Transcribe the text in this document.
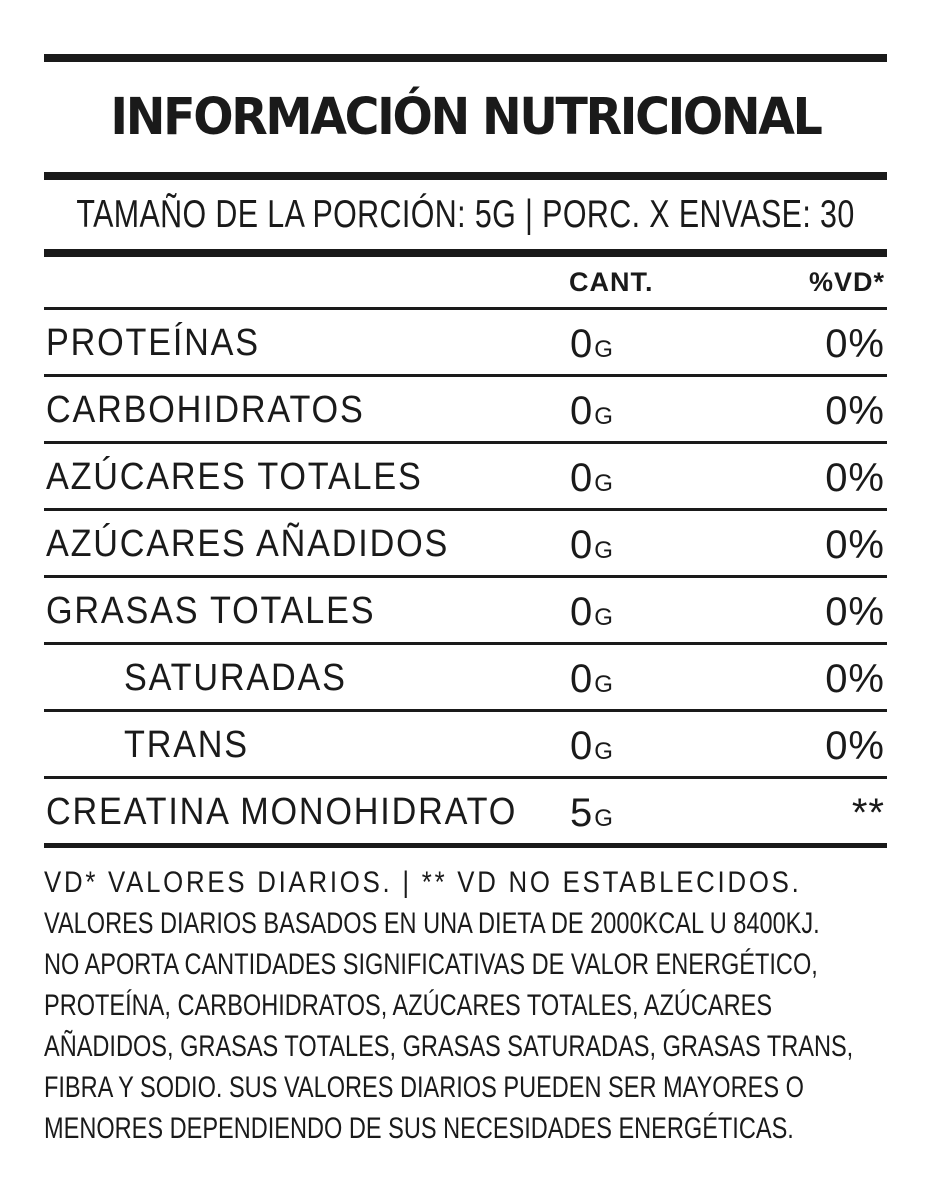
INFORMACIÓN NUTRICIONAL
TAMAÑO DE LA PORCIÓN: 5G | PORC. X ENVASE: 30
CANT.	%VD*
PROTEÍNAS	0G	0%
CARBOHIDRATOS	0G	0%
AZÚCARES TOTALES	0G	0%
AZÚCARES AÑADIDOS	0G	0%
GRASAS TOTALES	0G	0%
SATURADAS	0G	0%
TRANS	0G	0%
CREATINA MONOHIDRATO 5G	**
VD* VALORES DIARIOS. | ** VD NO ESTABLECIDOS.
VALORES DIARIOS BASADOS EN UNA DIETA DE 2000KCAL U 8400KJ.
NO APORTA CANTIDADES SIGNIFICATIVAS DE VALOR ENERGÉTICO,
PROTEÍNA, CARBOHIDRATOS, AZÚCARES TOTALES, AZÚCARES
AÑADIDOS, GRASAS TOTALES, GRASAS SATURADAS, GRASAS TRANS,
FIBRA Y SODIO. SUS VALORES DIARIOS PUEDEN SER MAYORES O
MENORES DEPENDIENDO DE SUS NECESIDADES ENERGÉTICAS.
